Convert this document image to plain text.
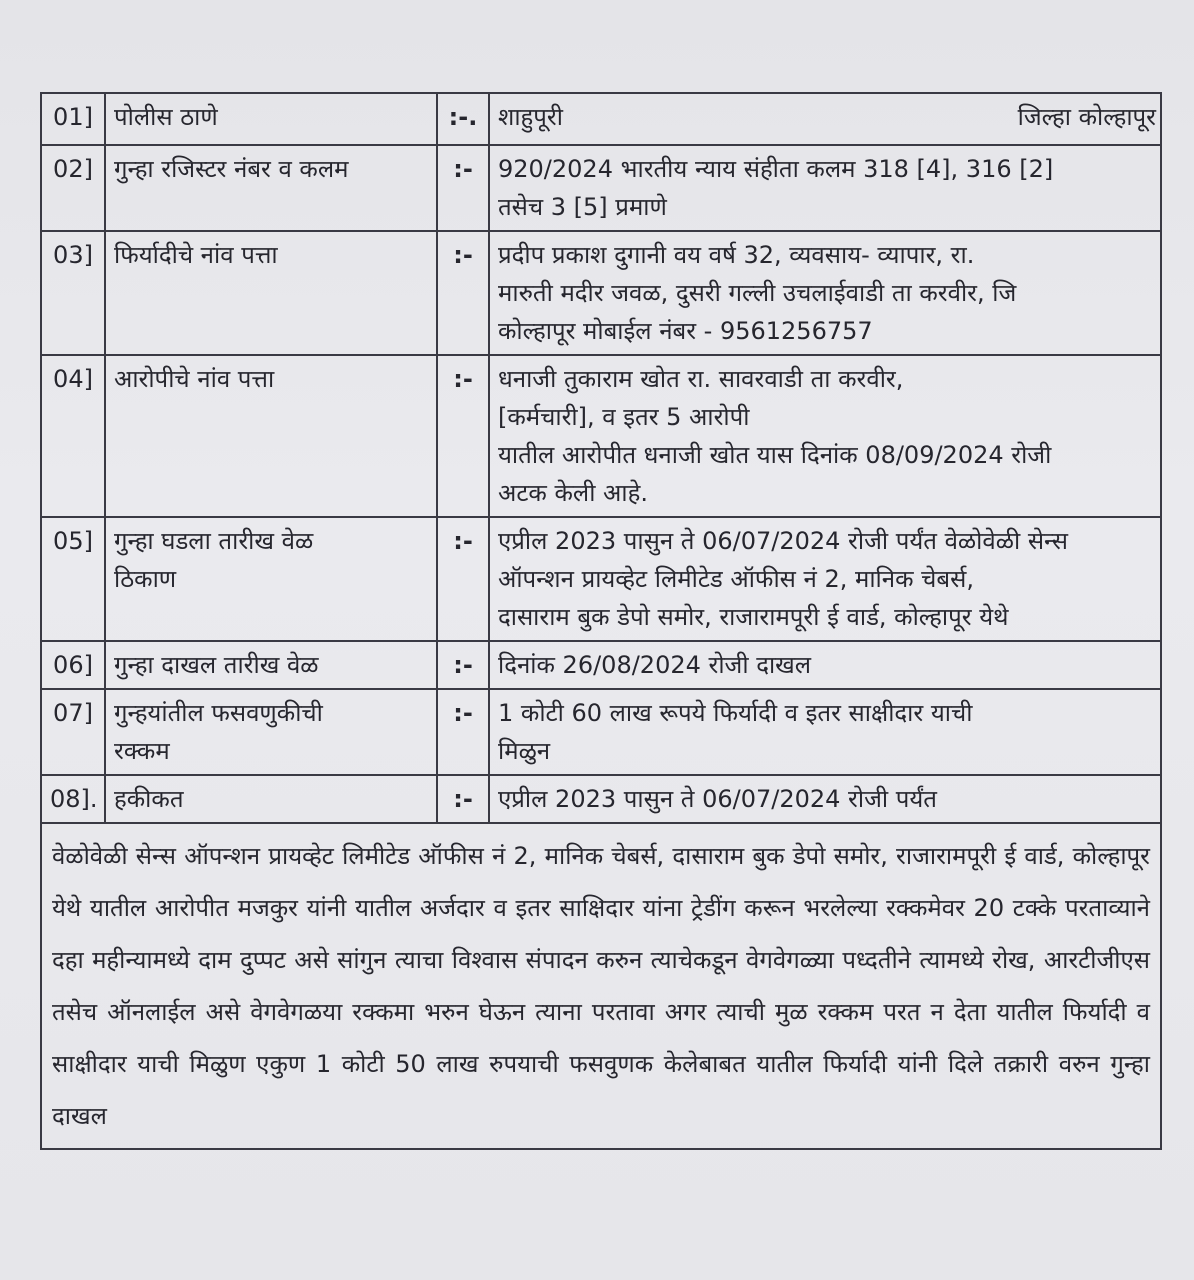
01] पोलीस ठाणे	:-. शाहुपूरी	जिल्हा कोल्हापूर
02] गुन्हा रजिस्टर नंबर व कलम	:-	920/2024 भारतीय न्याय संहीता कलम 318 [4], 316 [2]
तसेच 3 [5] प्रमाणे
03] फिर्यादीचे नांव पत्ता	:-	प्रदीप प्रकाश दुगानी वय वर्ष 32, व्यवसाय- व्यापार, रा.
मारुती मदीर जवळ, दुसरी गल्ली उचलाईवाडी ता करवीर, जि
कोल्हापूर मोबाईल नंबर - 9561256757
04] आरोपीचे नांव पत्ता	:-	धनाजी तुकाराम खोत रा. सावरवाडी ता करवीर,
[कर्मचारी], व इतर 5 आरोपी
यातील आरोपीत धनाजी खोत यास दिनांक 08/09/2024 रोजी
अटक केली आहे.
05] गुन्हा घडला तारीख वेळ
ठिकाण
:-	एप्रील 2023 पासुन ते 06/07/2024 रोजी पर्यंत वेळोवेळी सेन्स
ऑपन्शन प्रायव्हेट लिमीटेड ऑफीस नं 2, मानिक चेबर्स,
दासाराम बुक डेपो समोर, राजारामपूरी ई वार्ड, कोल्हापूर येथे
06] गुन्हा दाखल तारीख वेळ	:-	दिनांक 26/08/2024 रोजी दाखल
07] गुन्हयांतील फसवणुकीची
रक्कम
:-	1 कोटी 60 लाख रूपये फिर्यादी व इतर साक्षीदार याची
मिळुन
08]. हकीकत	:-	एप्रील 2023 पासुन ते 06/07/2024 रोजी पर्यंत
वेळोवेळी सेन्स ऑपन्शन प्रायव्हेट लिमीटेड ऑफीस नं 2, मानिक चेबर्स, दासाराम बुक डेपो समोर, राजारामपूरी ई वार्ड, कोल्हापूर येथे यातील आरोपीत मजकुर यांनी यातील अर्जदार व इतर साक्षिदार यांना ट्रेडींग करून भरलेल्या रक्कमेवर 20 टक्के परताव्याने दहा महीन्यामध्ये दाम दुप्पट असे सांगुन त्याचा विश्वास संपादन करुन त्याचेकडून वेगवेगळ्या पध्दतीने त्यामध्ये रोख, आरटीजीएस तसेच ऑनलाईल असे वेगवेगळया रक्कमा भरुन घेऊन त्याना परतावा अगर त्याची मुळ रक्कम परत न देता यातील फिर्यादी व साक्षीदार याची मिळुण एकुण 1 कोटी 50 लाख रुपयाची फसवुणक केलेबाबत यातील फिर्यादी यांनी दिले तक्रारी वरुन गुन्हा दाखल
